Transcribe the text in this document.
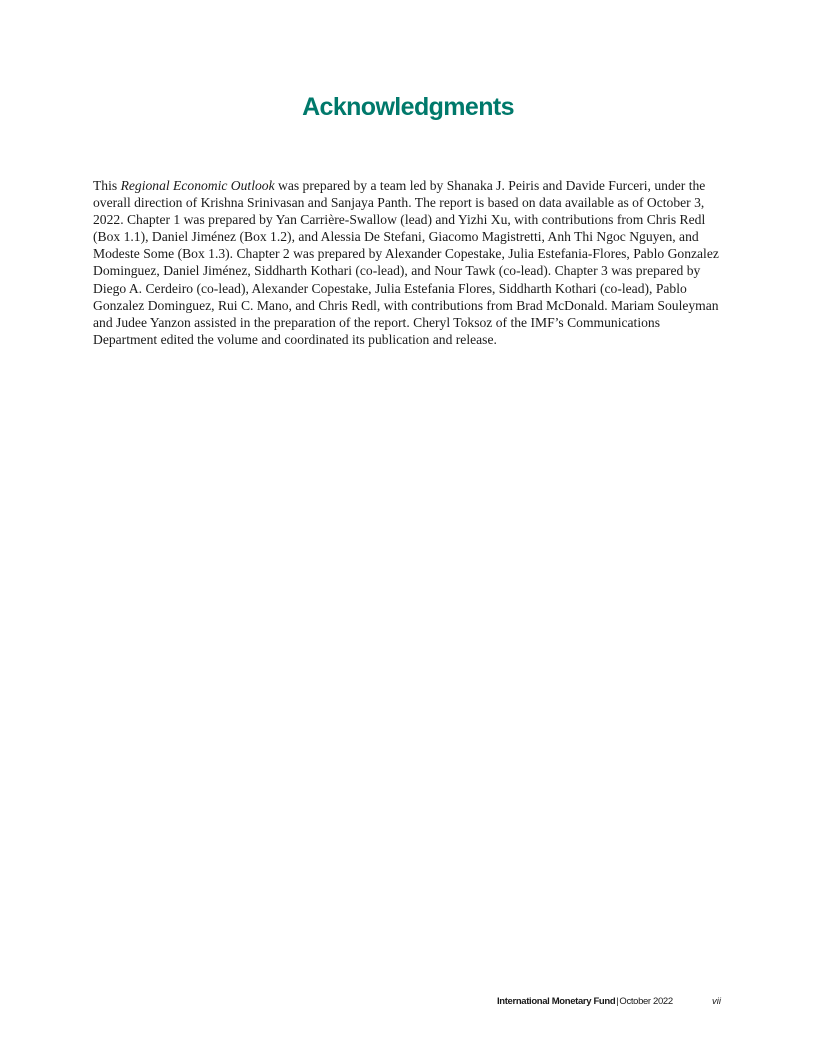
Acknowledgments

This Regional Economic Outlook was prepared by a team led by Shanaka J. Peiris and Davide Furceri, under the overall direction of Krishna Srinivasan and Sanjaya Panth. The report is based on data available as of October 3, 2022. Chapter 1 was prepared by Yan Carrière-Swallow (lead) and Yizhi Xu, with contributions from Chris Redl (Box 1.1), Daniel Jiménez (Box 1.2), and Alessia De Stefani, Giacomo Magistretti, Anh Thi Ngoc Nguyen, and Modeste Some (Box 1.3). Chapter 2 was prepared by Alexander Copestake, Julia Estefania-Flores, Pablo Gonzalez Dominguez, Daniel Jiménez, Siddharth Kothari (co-lead), and Nour Tawk (co-lead). Chapter 3 was prepared by Diego A. Cerdeiro (co-lead), Alexander Copestake, Julia Estefania Flores, Siddharth Kothari (co-lead), Pablo Gonzalez Dominguez, Rui C. Mano, and Chris Redl, with contributions from Brad McDonald. Mariam Souleyman and Judee Yanzon assisted in the preparation of the report. Cheryl Toksoz of the IMF’s Communications Department edited the volume and coordinated its publication and release.

International Monetary Fund|October 2022	vii
